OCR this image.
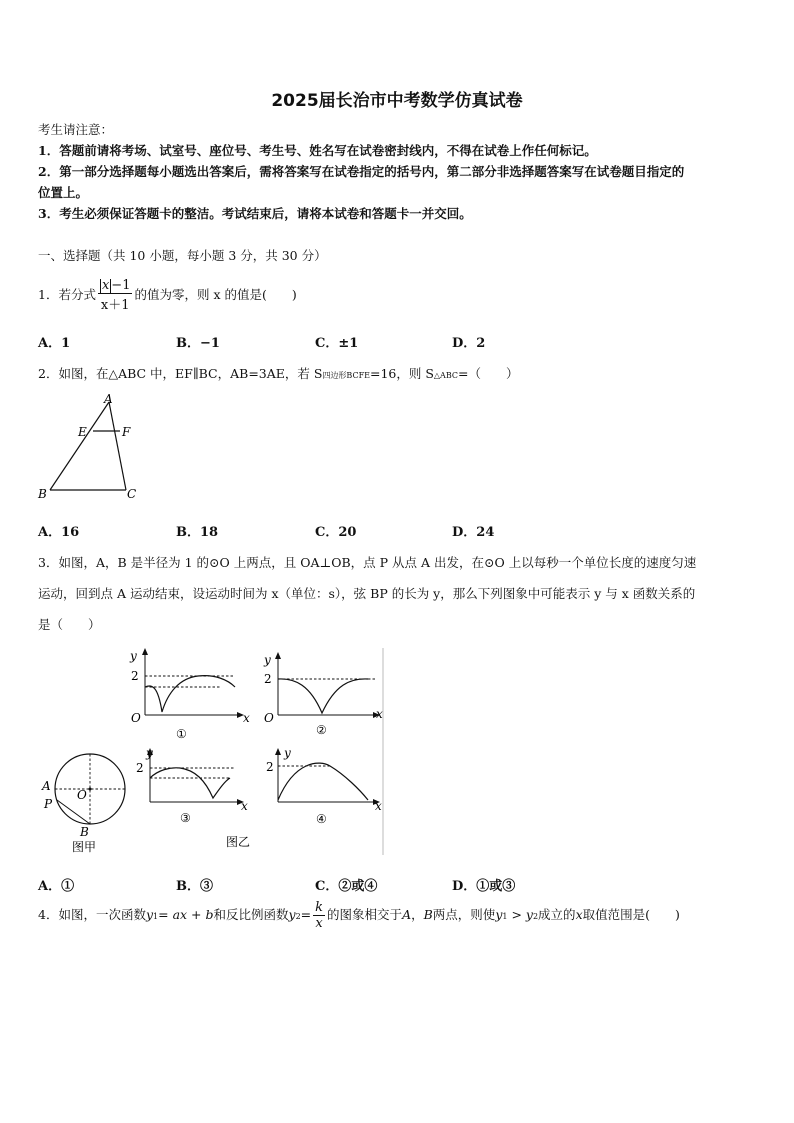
2025届长治市中考数学仿真试卷
考生请注意：
1．答题前请将考场、试室号、座位号、考生号、姓名写在试卷密封线内，不得在试卷上作任何标记。
2．第一部分选择题每小题选出答案后，需将答案写在试卷指定的括号内，第二部分非选择题答案写在试卷题目指定的
位置上。
3．考生必须保证答题卡的整洁。考试结束后，请将本试卷和答题卡一并交回。
一、选择题（共 10 小题，每小题 3 分，共 30 分）
1．若分式 $\frac{x -1}{x+1}$ 的值为零，则 x 的值是(　　)
A．1	B．−1	C．±1	D．2
2．如图，在△ABC 中，EF∥BC，AB=3AE，若 S四边形BCFE=16，则 S△ABC=（　　）
A
E	F
B	C
A．16	B．18	C．20	D．24
3．如图，A，B 是半径为 1 的⊙O 上两点，且 OA⊥OB，点 P 从点 A 出发，在⊙O 上以每秒一个单位长度的速度匀速
运动，回到点 A 运动结束，设运动时间为 x（单位：s），弦 BP 的长为 y，那么下列图象中可能表示 y 与 x 函数关系的
是（　　）
y
2
O	x
①
y
2
O	x
②
A
P
O
B
图甲
y
2
x
③
y
2
x
④
图乙
A．①	B．③	C．②或④	D．①或③
4．如图，一次函数y1= ax + b和反比例函数$y2= \frac{k}{x}$ 的图象相交于A，B两点，则使y1 > y2成立的x取值范围是(　　)
